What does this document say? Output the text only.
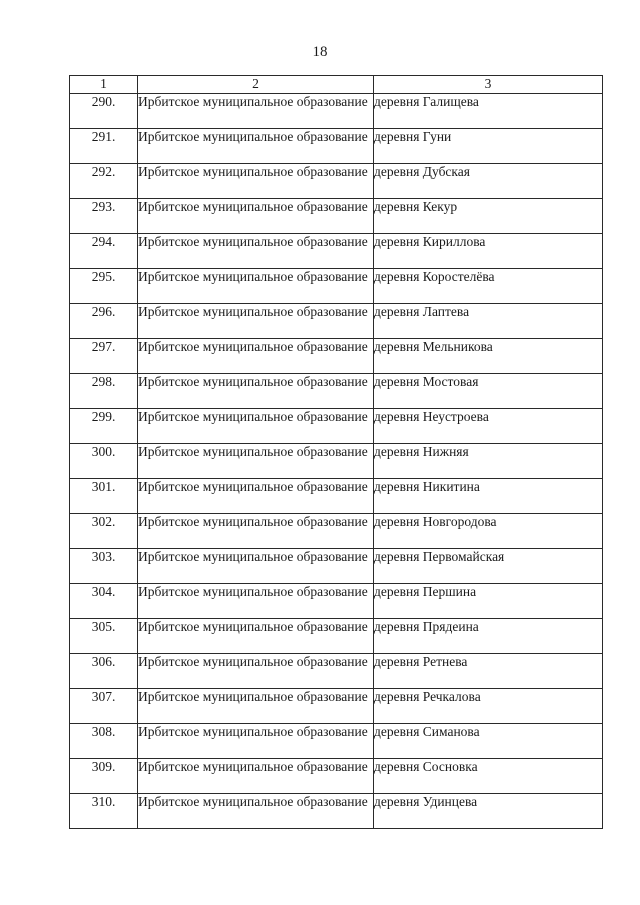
18
1	2	3
290.	Ирбитское муниципальное образование	деревня Галищева
291.	Ирбитское муниципальное образование	деревня Гуни
292.	Ирбитское муниципальное образование	деревня Дубская
293.	Ирбитское муниципальное образование	деревня Кекур
294.	Ирбитское муниципальное образование	деревня Кириллова
295.	Ирбитское муниципальное образование	деревня Коростелёва
296.	Ирбитское муниципальное образование	деревня Лаптева
297.	Ирбитское муниципальное образование	деревня Мельникова
298.	Ирбитское муниципальное образование	деревня Мостовая
299.	Ирбитское муниципальное образование	деревня Неустроева
300.	Ирбитское муниципальное образование	деревня Нижняя
301.	Ирбитское муниципальное образование	деревня Никитина
302.	Ирбитское муниципальное образование	деревня Новгородова
303.	Ирбитское муниципальное образование	деревня Первомайская
304.	Ирбитское муниципальное образование	деревня Першина
305.	Ирбитское муниципальное образование	деревня Прядеина
306.	Ирбитское муниципальное образование	деревня Ретнева
307.	Ирбитское муниципальное образование	деревня Речкалова
308.	Ирбитское муниципальное образование	деревня Симанова
309.	Ирбитское муниципальное образование	деревня Сосновка
310.	Ирбитское муниципальное образование	деревня Удинцева
